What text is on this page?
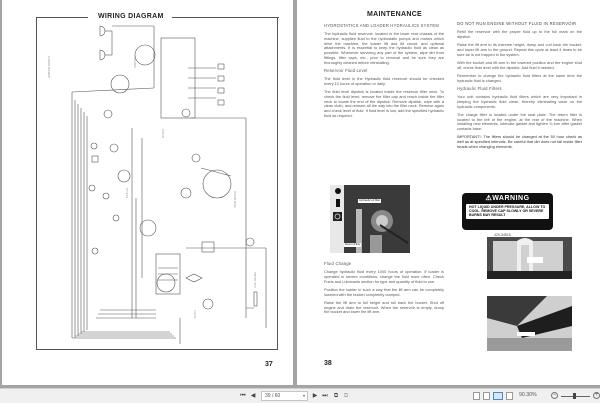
WIRING DIAGRAM
IGNITION SWITCH	STARTER
16 RED
14 BLUE	HOUR METER
FUEL GAUGE
12 BLK
37
MAINTENANCE

HYDROSTATICS AND LOADER HYDRAULICS SYSTEM

The hydraulic fluid reservoir, located in the lower rear chassis of the machine, supplies fluid to the hydrostatic pumps and motors which drive the machine, the loader lift and tilt circuit, and optional attachments. It is essential to keep the hydraulic fluid as clean as possible. Whenever servicing any part of the system, wipe dirt from fittings, filler caps, etc., prior to removal and be sure they are thoroughly cleaned before reinstalling.

Reservoir Fluid Level

The fluid level in the Hydraulic fluid reservoir should be checked every 10 hours of operation or daily.

The fluid level dipstick is located inside the reservoir filler neck. To check the fluid level; remove the filler cap and reach inside the filler neck to locate the end of the dipstick. Remove dipstick, wipe with a clean cloth, and reinsert all the way into the filler neck. Remove again and check level of fluid. If fluid level is low, add the specified hydraulic fluid as required.

Hydraulic oil filter
Return Filter

Fluid Change

Change hydraulic fluid every 1000 hours of operation. If loader is operated in severe conditions, change the fluid more often. Check Fuels and Lubricants section for type and quantity of fluid to use.

Position the loader in such a way that the lift arm can be completely lowered with the bucket completely dumped.

Raise the lift arm to full height and roll back the bucket. Shut off engine and drain the reservoir. When the reservoir is empty, dump the bucket and lower the lift arm.

DO NOT RUN ENGINE WITHOUT FLUID IN RESERVOIR

Refill the reservoir with the proper fluid up to the full mark on the dipstick.

Raise the lift arm to its extreme height, dump and curl back the bucket, and lower lift arm to the ground. Repeat this cycle at least 4 times to be sure air is not trapped in the system.

With the bucket and lift arm in the lowered position and the engine shut off, check fluid level with the dipstick. Add fluid if needed.

Remember to change the hydraulic fluid filters at the same time the hydraulic fluid is changed.

Hydraulic Fluid Filters

Your unit contains hydraulic fluid filters which are very important in keeping the hydraulic fluid clean, thereby eliminating wear on the hydraulic components.

The charge filter is located under the seat plate. The return filter is located to the left of the engine, at the rear of the machine. When installing new elements, lubricate gasket and tighten ¾ turn after gasket contacts base.

IMPORTANT!: The filters should be changed at the 50 hour check as well as at specified intervals. Be careful that dirt does not fall inside filter heads when changing elements.

⚠WARNING
HOT LIQUID UNDER PRESSURE, ALLOW TO COOL. REMOVE CAP SLOWLY OR SEVERE BURNS MAY RESULT
420-34515
38
⏮ ◀	39 / 60	▾ ▶ ⏭	⧉ ⧉	90.30%	−	+
